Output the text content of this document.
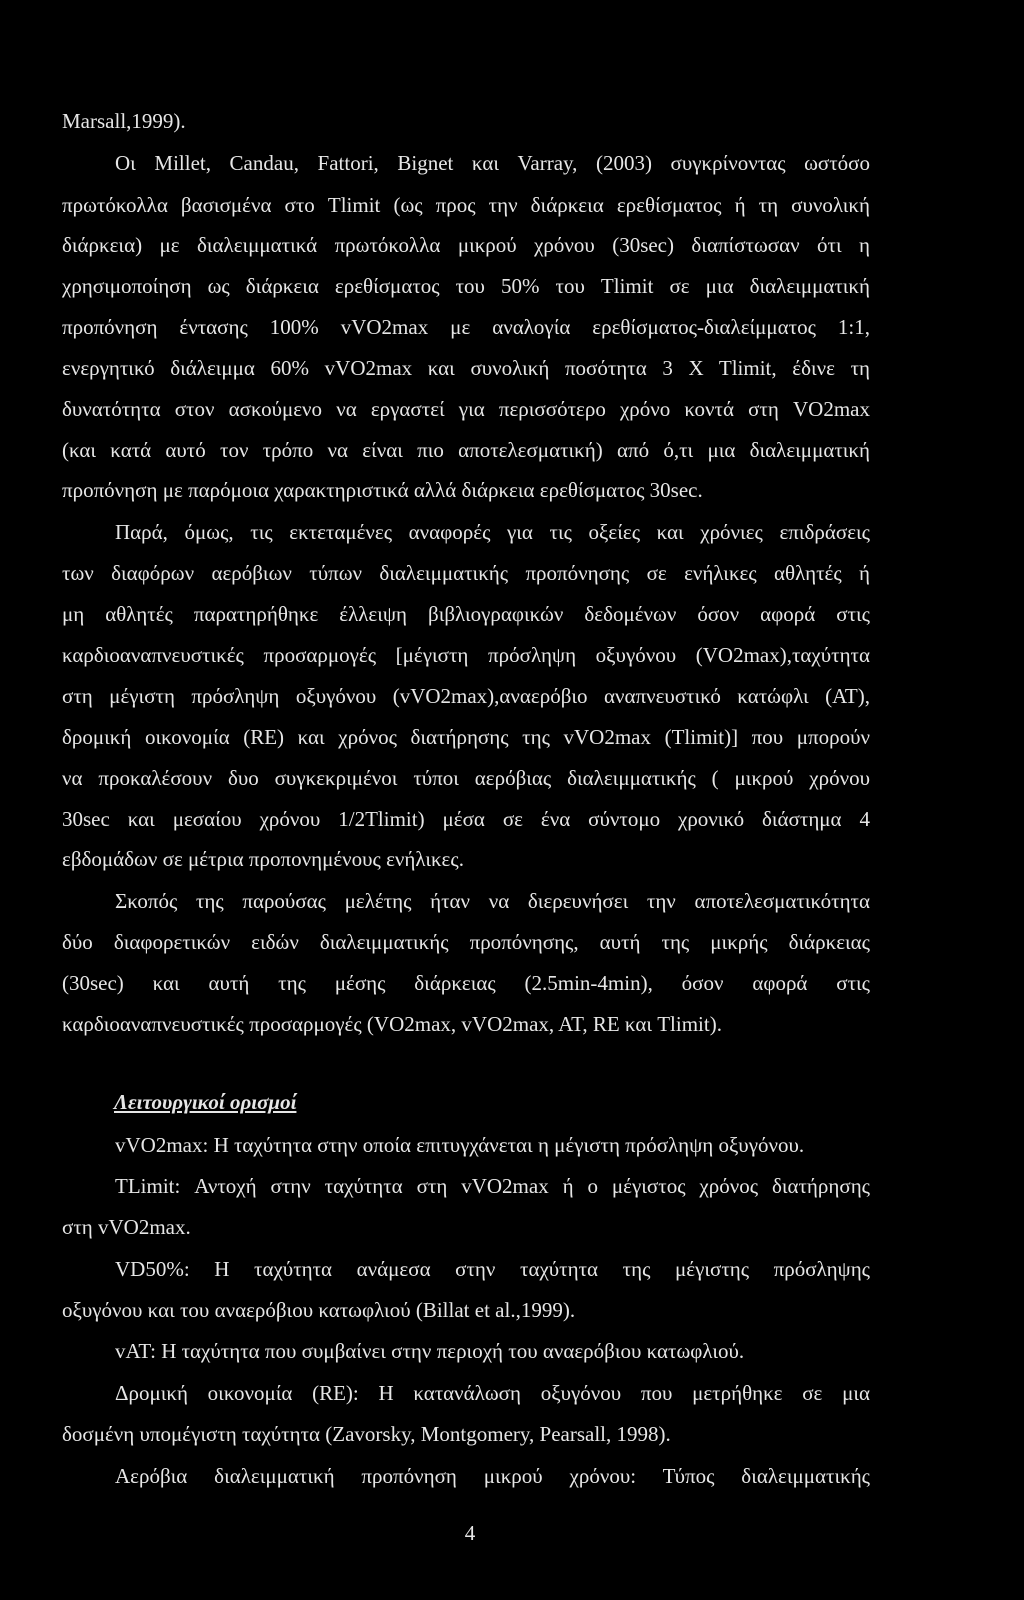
Marsall,1999).
Οι Millet, Candau, Fattori, Bignet και Varray, (2003) συγκρίνοντας ωστόσο
πρωτόκολλα βασισμένα στο Tlimit (ως προς την διάρκεια ερεθίσματος ή τη συνολική
διάρκεια) με διαλειμματικά πρωτόκολλα μικρού χρόνου (30sec) διαπίστωσαν ότι η
χρησιμοποίηση ως διάρκεια ερεθίσματος του 50% του Tlimit σε μια διαλειμματική
προπόνηση έντασης 100% vVO2max με αναλογία ερεθίσματος-διαλείμματος 1:1,
ενεργητικό διάλειμμα 60% vVO2max και συνολική ποσότητα 3 X Tlimit, έδινε τη
δυνατότητα στον ασκούμενο να εργαστεί για περισσότερο χρόνο κοντά στη VO2max
(και κατά αυτό τον τρόπο να είναι πιο αποτελεσματική) από ό,τι μια διαλειμματική
προπόνηση με παρόμοια χαρακτηριστικά αλλά διάρκεια ερεθίσματος 30sec.
Παρά, όμως, τις εκτεταμένες αναφορές για τις οξείες και χρόνιες επιδράσεις
των διαφόρων αερόβιων τύπων διαλειμματικής προπόνησης σε ενήλικες αθλητές ή
μη αθλητές παρατηρήθηκε έλλειψη βιβλιογραφικών δεδομένων όσον αφορά στις
καρδιοαναπνευστικές προσαρμογές [μέγιστη πρόσληψη οξυγόνου (VO2max),ταχύτητα
στη μέγιστη πρόσληψη οξυγόνου (vVO2max),αναερόβιο αναπνευστικό κατώφλι (AT),
δρομική οικονομία (RE) και χρόνος διατήρησης της vVO2max (Tlimit)] που μπορούν
να προκαλέσουν δυο συγκεκριμένοι τύποι αερόβιας διαλειμματικής ( μικρού χρόνου
30sec και μεσαίου χρόνου 1/2Tlimit) μέσα σε ένα σύντομο χρονικό διάστημα 4
εβδομάδων σε μέτρια προπονημένους ενήλικες.
Σκοπός της παρούσας μελέτης ήταν να διερευνήσει την αποτελεσματικότητα
δύο διαφορετικών ειδών διαλειμματικής προπόνησης, αυτή της μικρής διάρκειας
(30sec) και αυτή της μέσης διάρκειας (2.5min-4min), όσον αφορά στις
καρδιοαναπνευστικές προσαρμογές (VO2max, vVO2max, AT, RE και Tlimit).
Λειτουργικοί ορισμοί
vVO2max: Η ταχύτητα στην οποία επιτυγχάνεται η μέγιστη πρόσληψη οξυγόνου.
TLimit: Αντοχή στην ταχύτητα στη vVO2max ή ο μέγιστος χρόνος διατήρησης
στη vVO2max.
VD50%: Η ταχύτητα ανάμεσα στην ταχύτητα της μέγιστης πρόσληψης
οξυγόνου και του αναερόβιου κατωφλιού (Billat et al.,1999).
vAT: Η ταχύτητα που συμβαίνει στην περιοχή του αναερόβιου κατωφλιού.
Δρομική οικονομία (RE): Η κατανάλωση οξυγόνου που μετρήθηκε σε μια
δοσμένη υπομέγιστη ταχύτητα (Zavorsky, Montgomery, Pearsall, 1998).
Αερόβια διαλειμματική προπόνηση μικρού χρόνου: Τύπος διαλειμματικής
4
